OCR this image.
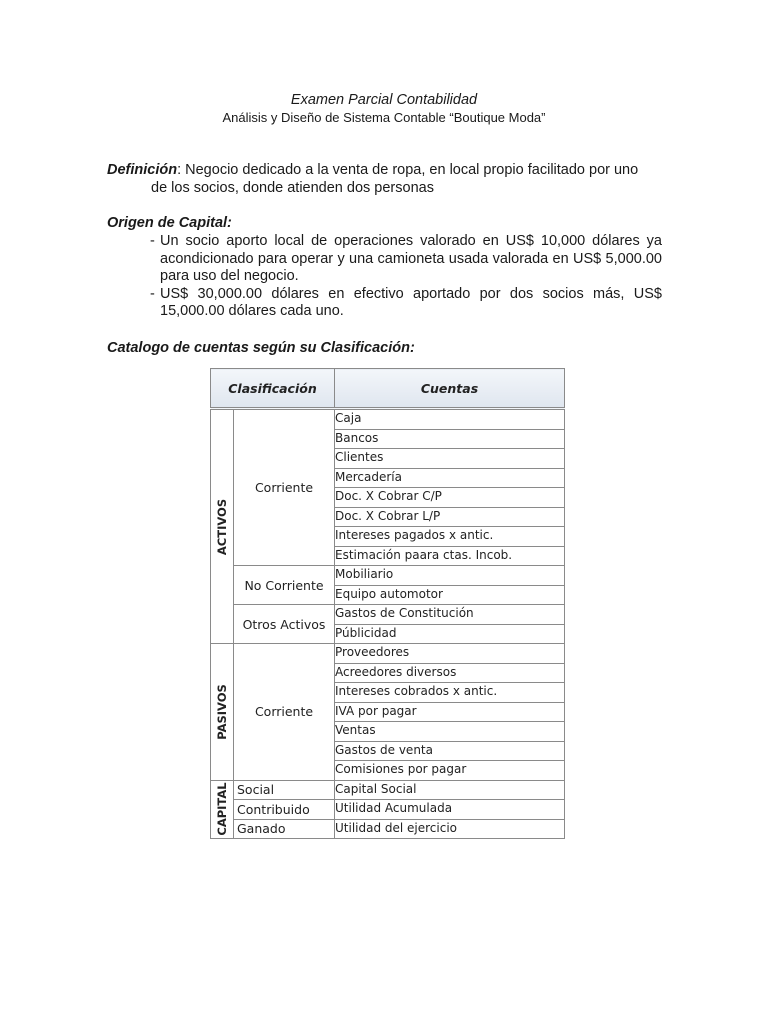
Examen Parcial Contabilidad
Análisis y Diseño de Sistema Contable “Boutique Moda”
Definición: Negocio dedicado a la venta de ropa, en local propio facilitado por uno
de los socios, donde atienden dos personas
Origen de Capital:
- Un socio aporto local de operaciones valorado en US$ 10,000 dólares ya acondicionado para operar y una camioneta usada valorada en US$ 5,000.00 para uso del negocio.
- US$ 30,000.00 dólares en efectivo aportado por dos socios más, US$ 15,000.00 dólares cada uno.
Catalogo de cuentas según su Clasificación:
Clasificación		Cuentas

ACTIVOS	Corriente	Caja
		Bancos
		Clientes
		Mercadería
		Doc. X Cobrar C/P
		Doc. X Cobrar L/P
		Intereses pagados x antic.
		Estimación paara ctas. Incob.
	No Corriente	Mobiliario
		Equipo automotor
	Otros Activos	Gastos de Constitución
		Públicidad

PASIVOS	Corriente	Proveedores
		Acreedores diversos
		Intereses cobrados x antic.
		IVA por pagar
		Ventas
		Gastos de venta
		Comisiones por pagar

CAPITAL	Social	Capital Social
	Contribuido	Utilidad Acumulada
	Ganado	Utilidad del ejercicio
